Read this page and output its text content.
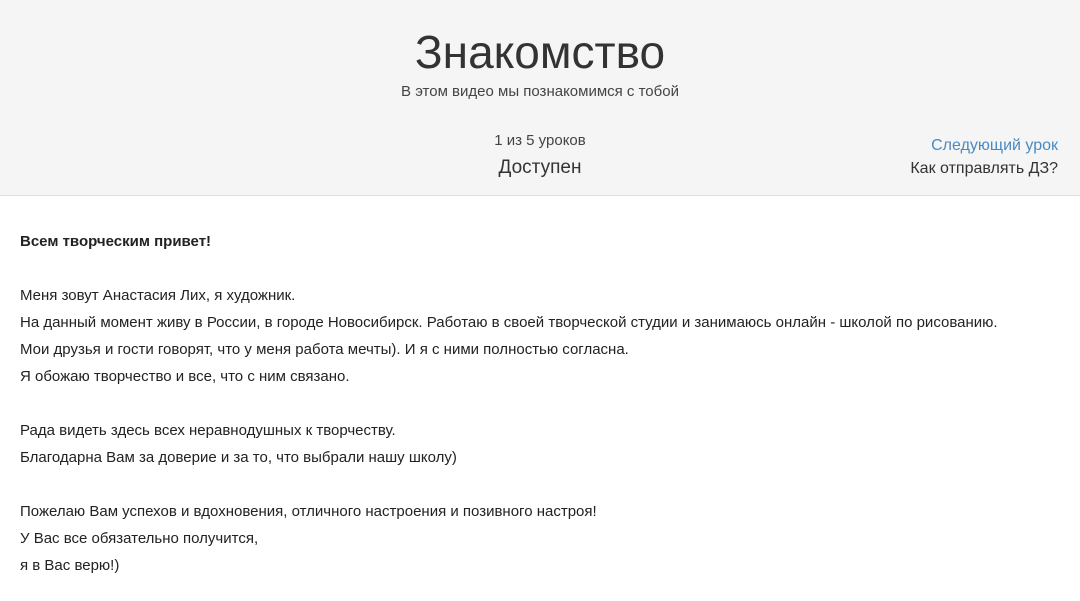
Знакомство
В этом видео мы познакомимся с тобой
1 из 5 уроков
Доступен
Следующий урок
Как отправлять ДЗ?

Всем творческим привет!

Меня зовут Анастасия Лих, я художник.

На данный момент живу в России, в городе Новосибирск. Работаю в своей творческой студии и занимаюсь онлайн - школой по рисованию.

Мои друзья и гости говорят, что у меня работа мечты). И я с ними полностью согласна.

Я обожаю творчество и все, что с ним связано.

Рада видеть здесь всех неравнодушных к творчеству.

Благодарна Вам за доверие и за то, что выбрали нашу школу)

Пожелаю Вам успехов и вдохновения, отличного настроения и позивного настроя!

У Вас все обязательно получится,

я в Вас верю!)
